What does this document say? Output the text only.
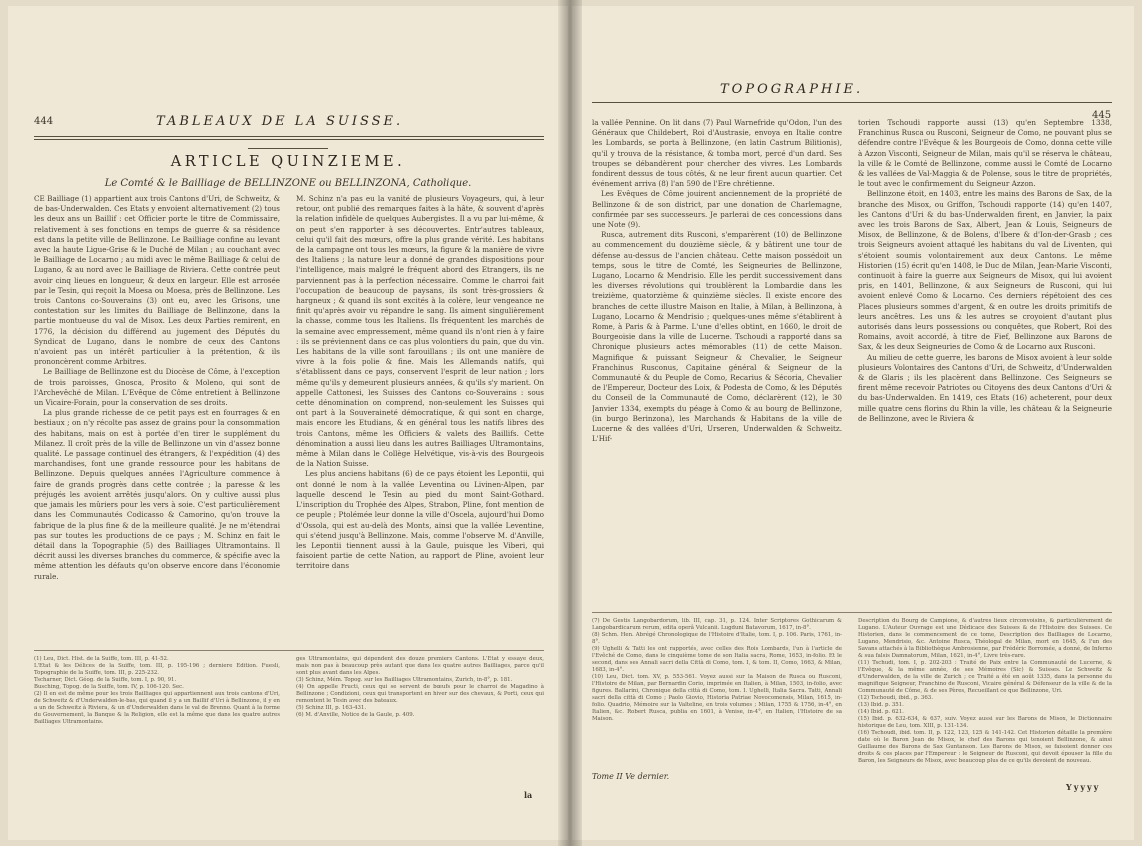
444	TABLEAUX DE LA SUISSE.
ARTICLE QUINZIEME.
Le Comté & le Bailliage de BELLINZONE ou BELLINZONA, Catholique.

CE Bailliage (1) appartient aux trois Cantons d'Uri, de Schweitz, & de bas-Underwalden. Ces Etats y envoient alternativement (2) tous les deux ans un Baillif : cet Officier porte le titre de Commissaire, relativement à ses fonctions en temps de guerre & sa résidence est dans la petite ville de Bellinzone. Le Bailliage confine au levant avec la haute Ligue-Grise & le Duché de Milan ; au couchant avec le Bailliage de Locarno ; au midi avec le même Bailliage & celui de Lugano, & au nord avec le Bailliage de Riviera. Cette contrée peut avoir cinq lieues en longueur, & deux en largeur. Elle est arrosée par le Tesin, qui reçoit la Moesa ou Moesa, près de Bellinzone. Les trois Cantons co-Souverains (3) ont eu, avec les Grisons, une contestation sur les limites du Bailliage de Bellinzone, dans la partie montueuse du val de Misox. Les deux Parties remirent, en 1776, la décision du différend au jugement des Députés du Syndicat de Lugano, dans le nombre de ceux des Cantons n'avoient pas un intérêt particulier à la prétention, & ils prononcèrent comme Arbitres.

Le Bailliage de Bellinzone est du Diocèse de Côme, à l'exception de trois paroisses, Gnosca, Prosito & Moleno, qui sont de l'Archevêché de Milan. L'Evêque de Côme entretient à Bellinzone un Vicaire-Forain, pour la conservation de ses droits.

La plus grande richesse de ce petit pays est en fourrages & en bestiaux ; on n'y récolte pas assez de grains pour la consommation des habitans, mais on est à portée d'en tirer le supplément du Milanez. Il croît près de la ville de Bellinzone un vin d'assez bonne qualité. Le passage continuel des étrangers, & l'expédition (4) des marchandises, font une grande ressource pour les habitans de Bellinzone. Depuis quelques années l'Agriculture commence à faire de grands progrès dans cette contrée ; la paresse & les préjugés les avoient arrêtés jusqu'alors. On y cultive aussi plus que jamais les mûriers pour les vers à soie. C'est particulièrement dans les Communautés Codicasso & Camorino, qu'on trouve la fabrique de la plus fine & de la meilleure qualité. Je ne m'étendrai pas sur toutes les productions de ce pays ; M. Schinz en fait le détail dans la Topographie (5) des Bailliages Ultramontains. Il décrit aussi les diverses branches du commerce, & spécifie avec la même attention les défauts qu'on observe encore dans l'économie rurale.

M. Schinz n'a pas eu la vanité de plusieurs Voyageurs, qui, à leur retour, ont publié des remarques faites à la hâte, & souvent d'après la relation infidèle de quelques Aubergistes. Il a vu par lui-même, & on peut s'en rapporter à ses découvertes. Entr'autres tableaux, celui qu'il fait des mœurs, offre la plus grande vérité. Les habitans de la campagne ont tous les mœurs, la figure & la manière de vivre des Italiens ; la nature leur a donné de grandes dispositions pour l'intelligence, mais malgré le fréquent abord des Etrangers, ils ne parviennent pas à la perfection nécessaire. Comme le charroi fait l'occupation de beaucoup de paysans, ils sont très-grossiers & hargneux ; & quand ils sont excités à la colère, leur vengeance ne finit qu'après avoir vu répandre le sang. Ils aiment singulièrement la chasse, comme tous les Italiens. Ils fréquentent les marchés de la semaine avec empressement, même quand ils n'ont rien à y faire : ils se préviennent dans ce cas plus volontiers du pain, que du vin. Les habitans de la ville sont farouillans ; ils ont une manière de vivre à la fois polie & fine. Mais les Allemands natifs, qui s'établissent dans ce pays, conservent l'esprit de leur nation ; lors même qu'ils y demeurent plusieurs années, & qu'ils s'y marient. On appelle Cattonesi, les Suisses des Cantons co-Souverains : sous cette dénomination on comprend, non-seulement les Suisses qui ont part à la Souveraineté démocratique, & qui sont en charge, mais encore les Etudians, & en général tous les natifs libres des trois Cantons, même les Officiers & valets des Baillifs. Cette dénomination a aussi lieu dans les autres Bailliages Ultramontains, même à Milan dans le Collège Helvétique, vis-à-vis des Bourgeois de la Nation Suisse.

Les plus anciens habitans (6) de ce pays étoient les Lepontii, qui ont donné le nom à la vallée Leventina ou Livinen-Alpen, par laquelle descend le Tesin au pied du mont Saint-Gothard. L'inscription du Trophée des Alpes, Strabon, Pline, font mention de ce peuple ; Ptolémée leur donne la ville d'Oscela, aujourd'hui Domo d'Ossola, qui est au-delà des Monts, ainsi que la vallée Leventine, qui s'étend jusqu'à Bellinzone. Mais, comme l'observe M. d'Anville, les Lepontii tiennent aussi à la Gaule, puisque les Viberi, qui faisoient partie de cette Nation, au rapport de Pline, avoient leur territoire dans

(1) Leu, Dict. Hist. de la Suiffe, tom. III, p. 41-52.

L'Etat & les Délices de la Suiffe, tom. III, p. 195-196 ; derniere Edition. Fuesli, Topographie de la Suiffe, tom. III, p. 225-232.

Tscharner, Dict. Géog. de la Suiffe, tom. I, p. 90, 91.

Busching, Topog. de la Suiffe, tom. IV, p. 106-120. Sec.

(2) Il en est de même pour les trois Bailliages qui appartiennent aux trois cantons d'Uri, de Schweitz & d'Underwalden-le-bas, qui quand il y a un Baillif d'Uri à Bellinzone, il y en a un de Schweitz à Riviera, & un d'Underwalden dans le val de Brenno. Quant à la forme du Gouvernement, la Banque & la Religion, elle est la même que dans les quatre autres Bailliages Ultramontains.

ges Ultramontains, qui dépendent des douze premiers Cantons. L'Etat y essaye deux, mais non pas à beaucoup près autant que dans les quatre autres Bailliages, parce qu'il sont plus avant dans les Alpes.

(3) Schinz, Mém. Topog. sur les Bailliages Ultramontains, Zurich, in-8°, p. 181.

(4) On appelle Fructi, ceux qui se servent de bœufs pour le charroi de Magadino à Bellinzone ; Condizioni, ceux qui transportent en hiver sur des chevaux, & Porti, ceux qui remontent le Tesin avec des bateaux.

(5) Schinz III, p. 163-431.

(6) M. d'Anville, Notice de la Gaule, p. 409.

la
TOPOGRAPHIE.
445

la vallée Pennine. On lit dans (7) Paul Warnefride qu'Odon, l'un des Généraux que Childebert, Roi d'Austrasie, envoya en Italie contre les Lombards, se porta à Bellinzone, (en latin Castrum Bilitionis), qu'il y trouva de la résistance, & tomba mort, percé d'un dard. Ses troupes se débandèrent pour chercher des vivres. Les Lombards fondirent dessus de tous côtés, & ne leur firent aucun quartier. Cet événement arriva (8) l'an 590 de l'Ere chrétienne.

Les Evêques de Côme jouirent anciennement de la propriété de Bellinzone & de son district, par une donation de Charlemagne, confirmée par ses successeurs. Je parlerai de ces concessions dans une Note (9).

Rusca, autrement dits Rusconi, s'emparèrent (10) de Bellinzone au commencement du douzième siècle, & y bâtirent une tour de défense au-dessus de l'ancien château. Cette maison possédoit un temps, sous le titre de Comté, les Seigneuries de Bellinzone, Lugano, Locarno & Mendrisio. Elle les perdit successivement dans les diverses révolutions qui troublèrent la Lombardie dans les treizième, quatorzième & quinzième siècles. Il existe encore des branches de cette illustre Maison en Italie, à Milan, à Bellinzona, à Lugano, Locarno & Mendrisio ; quelques-unes même s'établirent à Rome, à Paris & à Parme. L'une d'elles obtint, en 1660, le droit de Bourgeoisie dans la ville de Lucerne. Tschoudi a rapporté dans sa Chronique plusieurs actes mémorables (11) de cette Maison. Magnifique & puissant Seigneur & Chevalier, le Seigneur Franchinus Rusconus, Capitaine général & Seigneur de la Communauté & du Peuple de Como, Recarius & Sécoria, Chevalier de l'Empereur, Docteur des Loix, & Podesta de Como, & les Députés du Conseil de la Communauté de Como, déclarèrent (12), le 30 Janvier 1334, exempts du péage à Como & au bourg de Bellinzone, (in burgo Berinzona), les Marchands & Habitans de la ville de Lucerne & des vallées d'Uri, Urseren, Underwalden & Schweitz. L'Hif-

torien Tschoudi rapporte aussi (13) qu'en Septembre 1338, Franchinus Rusca ou Rusconi, Seigneur de Como, ne pouvant plus se défendre contre l'Evêque & les Bourgeois de Como, donna cette ville à Azzon Visconti, Seigneur de Milan, mais qu'il se réserva le château, la ville & le Comté de Bellinzone, comme aussi le Comté de Locarno & les vallées de Val-Maggia & de Polense, sous le titre de propriétés, le tout avec le confirmement du Seigneur Azzon.

Bellinzone étoit, en 1403, entre les mains des Barons de Sax, de la branche des Misox, ou Griffon, Tschoudi rapporte (14) qu'en 1407, les Cantons d'Uri & du bas-Underwalden firent, en Janvier, la paix avec les trois Barons de Sax, Albert, Jean & Louis, Seigneurs de Misox, de Bellinzone, & de Bolens, d'Ibere & d'Ion-der-Grasb ; ces trois Seigneurs avoient attaqué les habitans du val de Liventen, qui s'étoient soumis volontairement aux deux Cantons. Le même Historien (15) écrit qu'en 1408, le Duc de Milan, Jean-Marie Visconti, continuoit à faire la guerre aux Seigneurs de Misox, qui lui avoient pris, en 1401, Bellinzone, & aux Seigneurs de Rusconi, qui lui avoient enlevé Como & Locarno. Ces derniers répétoient des ces Places plusieurs sommes d'argent, & en outre les droits primitifs de leurs ancêtres. Les uns & les autres se croyoient d'autant plus autorisés dans leurs possessions ou conquêtes, que Robert, Roi des Romains, avoit accordé, à titre de Fief, Bellinzone aux Barons de Sax, & les deux Seigneuries de Como & de Locarno aux Rusconi.

Au milieu de cette guerre, les barons de Misox avoient à leur solde plusieurs Volontaires des Cantons d'Uri, de Schweitz, d'Underwalden & de Glaris ; ils les placèrent dans Bellinzone. Ces Seigneurs se firent même recevoir Patriotes ou Citoyens des deux Cantons d'Uri & du bas-Underwalden. En 1419, ces Etats (16) acheterent, pour deux mille quatre cens florins du Rhin la ville, les château & la Seigneurie de Bellinzone, avec le Riviera &

(7) De Gestis Langobardorum, lib. III, cap. 31, p. 124. Inter Scriptores Gothicarum & Langobardicarum rerum, edita operâ Vulcanii. Lugduni Batavorum, 1617, in-8°.

(8) Schm. Hen. Abrégé Chronologique de l'Histoire d'Italie, tom. I, p. 106. Paris, 1761, in-8°.

(9) Ughelli & Tatti les ont rapportés, avec celles des Rois Lombards, l'un à l'article de l'Evêché de Como, dans le cinquième tome de son Italia sacra, Rome, 1653, in-folio. Et le second, dans ses Annali sacri della Città di Como, tom. I, & tom. II, Como, 1663, & Milan, 1683, in-4°.

(10) Leu, Dict. tom. XV, p. 553-561. Voyez aussi sur la Maison de Rusca ou Rusconi, l'Histoire de Milan, par Bernardin Corio, imprimée en Italien, à Milan, 1503, in-folio, avec figures. Ballarini, Chronique della città di Como, tom. I. Ughelli, Italia Sacra. Tatti, Annali sacri della città di Como ; Paolo Giovio, Historia Patriae Novocomensis, Milan, 1615, in-folio. Quadrio, Mémoire sur la Valteline, en trois volumes ; Milan, 1755 & 1756, in-4°, en Italien, &c. Robert Rusca, publia en 1601, à Venise, in-4°, en Italien, l'Histoire de sa Maison.

Description du Bourg de Campione, & d'autres lieux circonvoisins, & particulièrement de Lugano. L'Auteur Ouvrage est une Dédicace des Suisses & de l'Histoire des Suisses. Ce Historien, dans le commencement de ce tome, Description des Bailliages de Locarno, Lugano, Mendrisio, &c. Antoine Rusca, Théologal de Milan, mort en 1645, & l'un des Savans attachés à la Bibliothèque Ambrosienne, par Frédéric Borromée, a donné, de Inferno & sua falsis Damnatorum, Milan, 1621, in-4°, Livre très-rare.

(11) Tschudi, tom. I, p. 202-203 : Traité de Paix entre la Communauté de Lucerne, & l'Evêque, & la même année, de ses Mémoires (Sic) & Suisses. Le Schweitz & d'Underwalden, de la ville de Zurich ; ce Traité a été en août 1335, dans la personne du magnifique Seigneur, Franchino de Rusconi, Vicaire général & Défenseur de la ville & de la Communauté de Côme, & de ses Pères, Recueillant ce que Bellinzone, Uri.

(12) Tschoudi, ibid., p. 363.

(13) Ibid. p. 351.

(14) Ibid. p. 621.

(15) Ibid. p. 632-634, & 637, suiv. Voyez aussi sur les Barons de Misox, le Dictionnaire historique de Leu, tom. XIII, p. 131-134.

(16) Tschoudi, ibid. tom. II, p. 122, 123, 125 & 141-142. Cet Historien détaille la première date où le Baron Jean de Misox, le chef des Barons qui tenoient Bellinzone, & ainsi Guillaume des Barons de Sax Guntanson. Les Barons de Misox, se faisoient donner ces droits & ces places par l'Empereur : le Seigneur de Rusconi, qui devoit épouser la fille du Baron, les Seigneurs de Misox, avec beaucoup plus de ce qu'ils devoient de nouveau.

Tome II Ve dernier.
Yyyyy
